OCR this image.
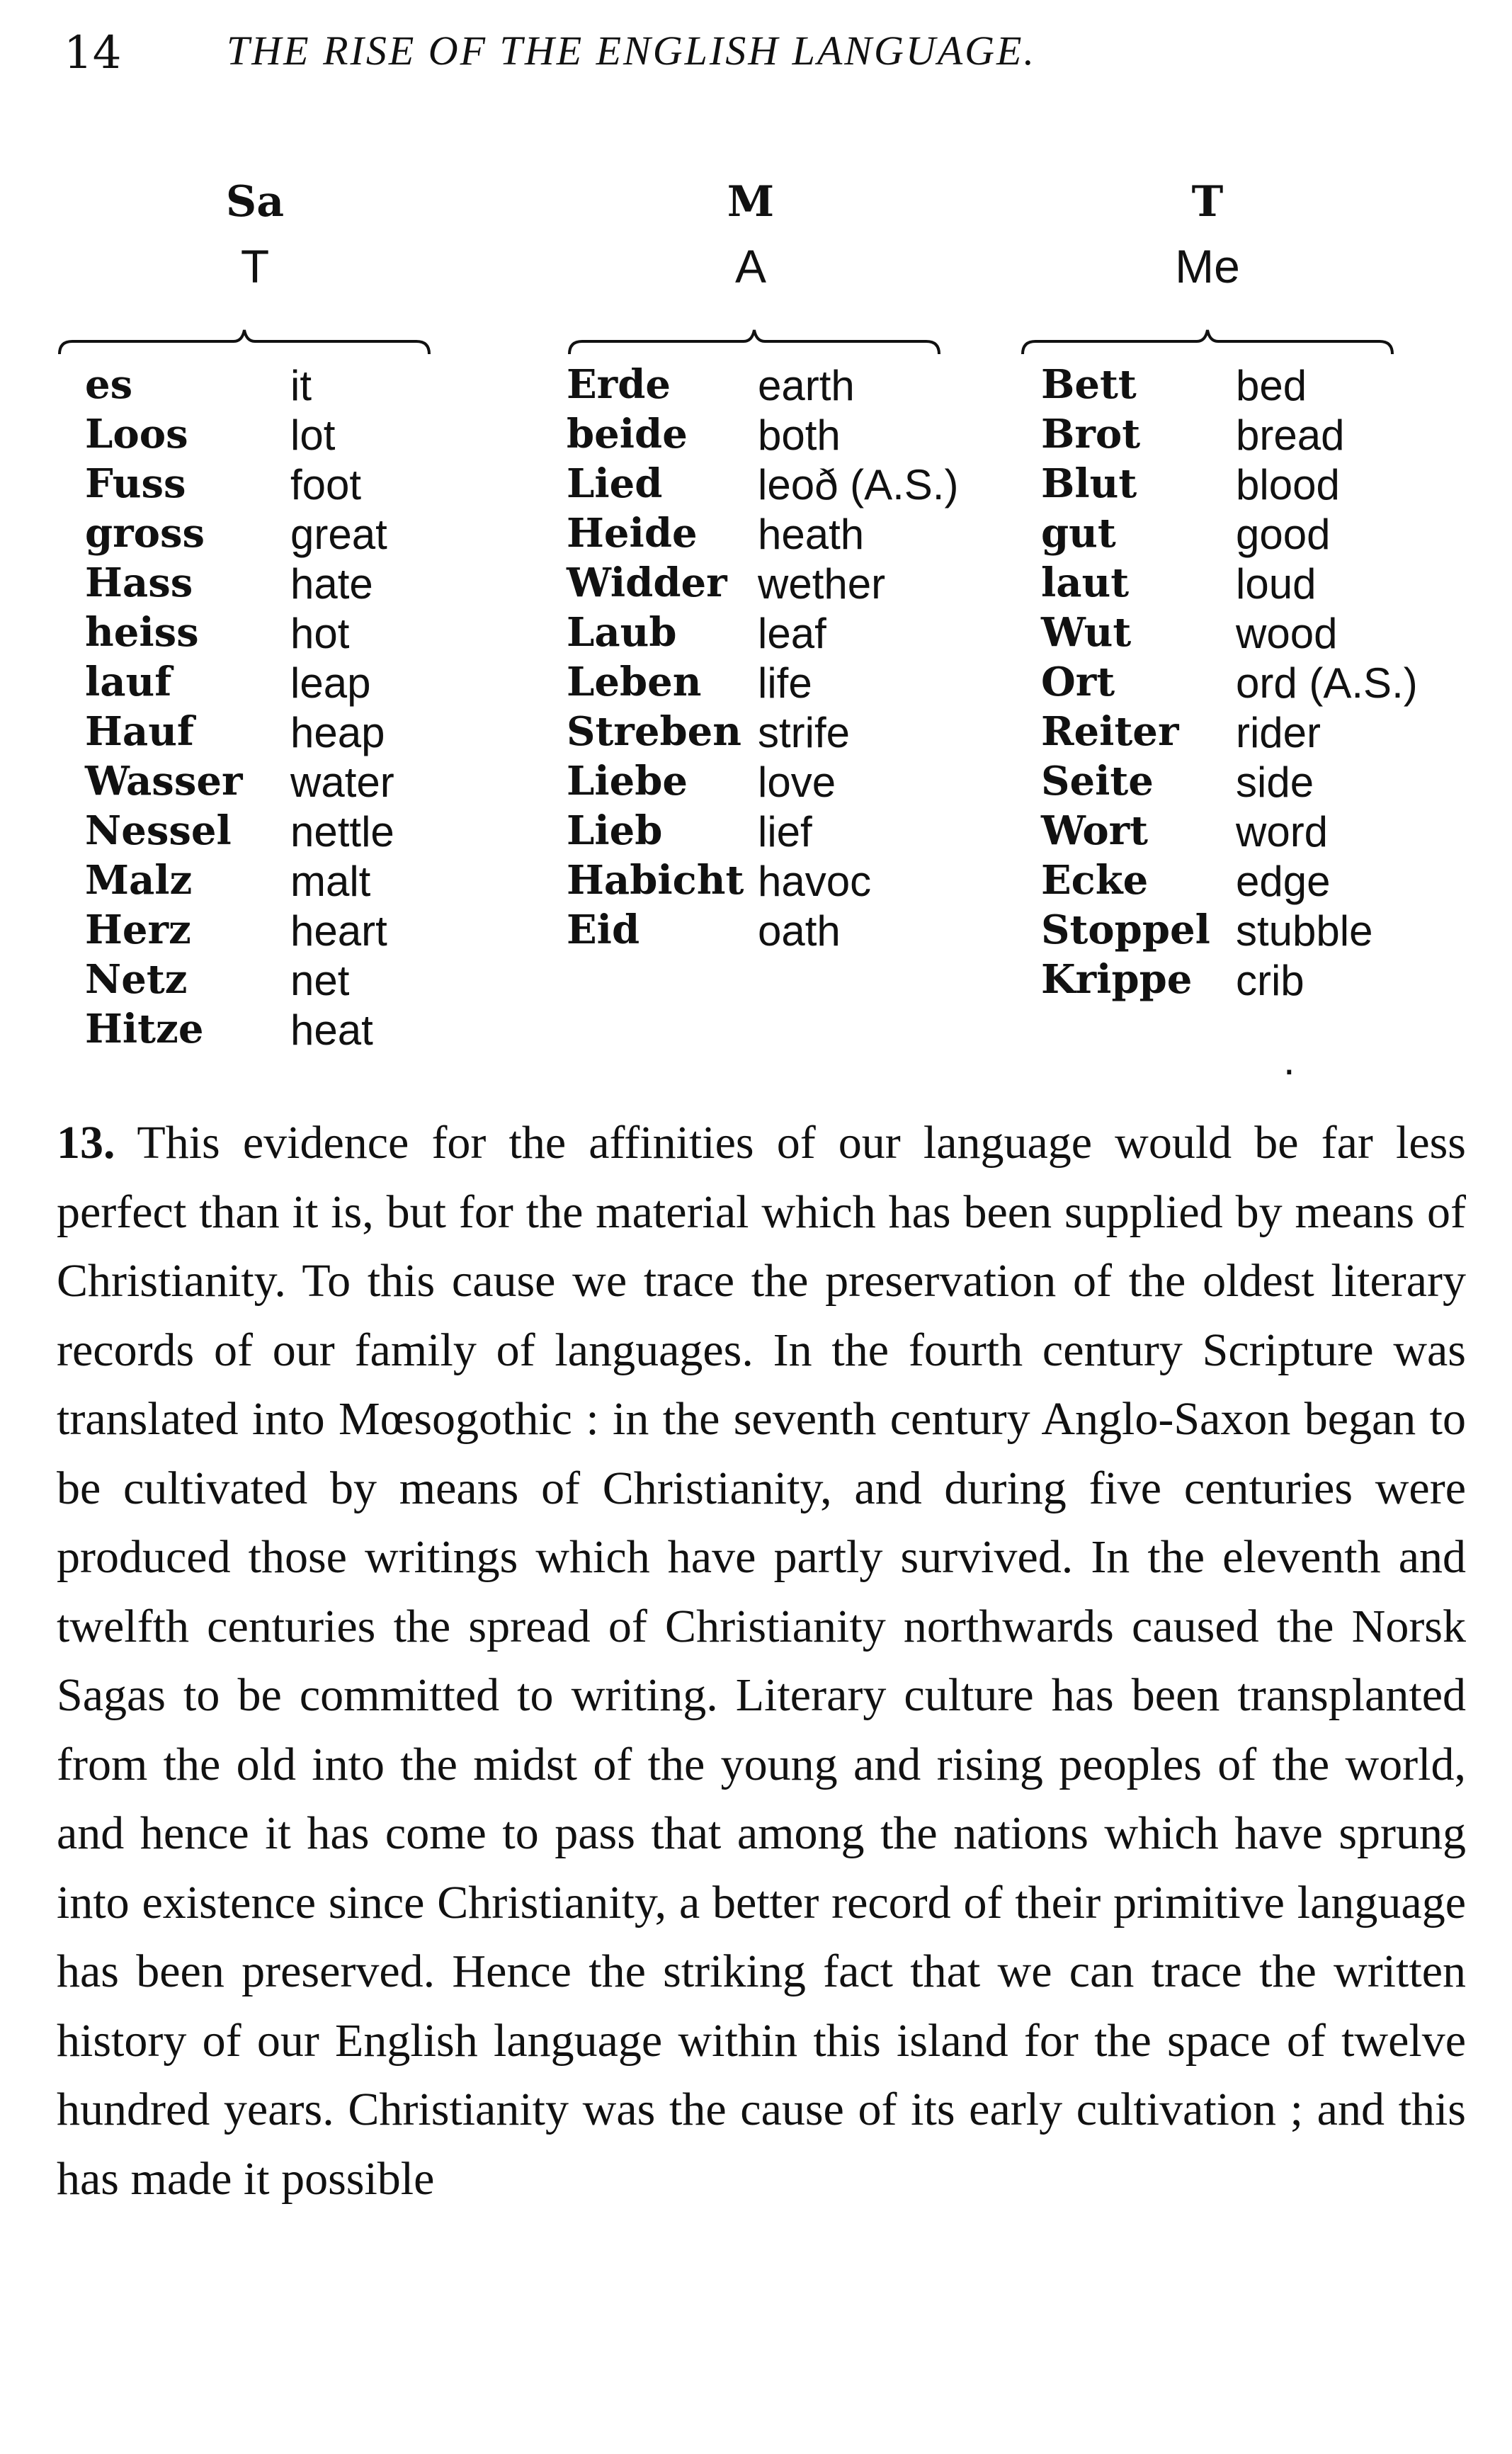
14	THE RISE OF THE ENGLISH LANGUAGE.
Sa
T
M
A
T
Me
es	it
Loos lot
Fuss foot
gross great
Hass hate
heiss hot
lauf	leap
Hauf heap
Wasser water
Nessel nettle
Malz malt
Herz heart
Netz net
Hitze heat
Erde earth
beide both
Lied leoð (A.S.)
Heide heath
Widder wether
Laub leaf
Leben life
Streben strife
Liebe love
Lieb lief
Habicht havoc
Eid	oath
Bett bed
Brot bread
Blut blood
gut	good
laut	loud
Wut wood
Ort	ord (A.S.)
Reiter rider
Seite side
Wort word
Ecke edge
Stoppel stubble
Krippe crib
.
13. This evidence for the affinities of our language would be far less perfect than it is, but for the material which has been supplied by means of Christianity. To this cause we trace the preservation of the oldest literary records of our family of languages. In the fourth century Scripture was translated into Mœsogothic : in the seventh century Anglo-Saxon began to be cultivated by means of Christianity, and during five centuries were produced those writings which have partly survived. In the eleventh and twelfth centuries the spread of Christianity northwards caused the Norsk Sagas to be committed to writing. Literary culture has been transplanted from the old into the midst of the young and rising peoples of the world, and hence it has come to pass that among the nations which have sprung into existence since Christianity, a better record of their primitive language has been preserved. Hence the striking fact that we can trace the written history of our English language within this island for the space of twelve hundred years. Christianity was the cause of its early cultivation ; and this has made it possible
